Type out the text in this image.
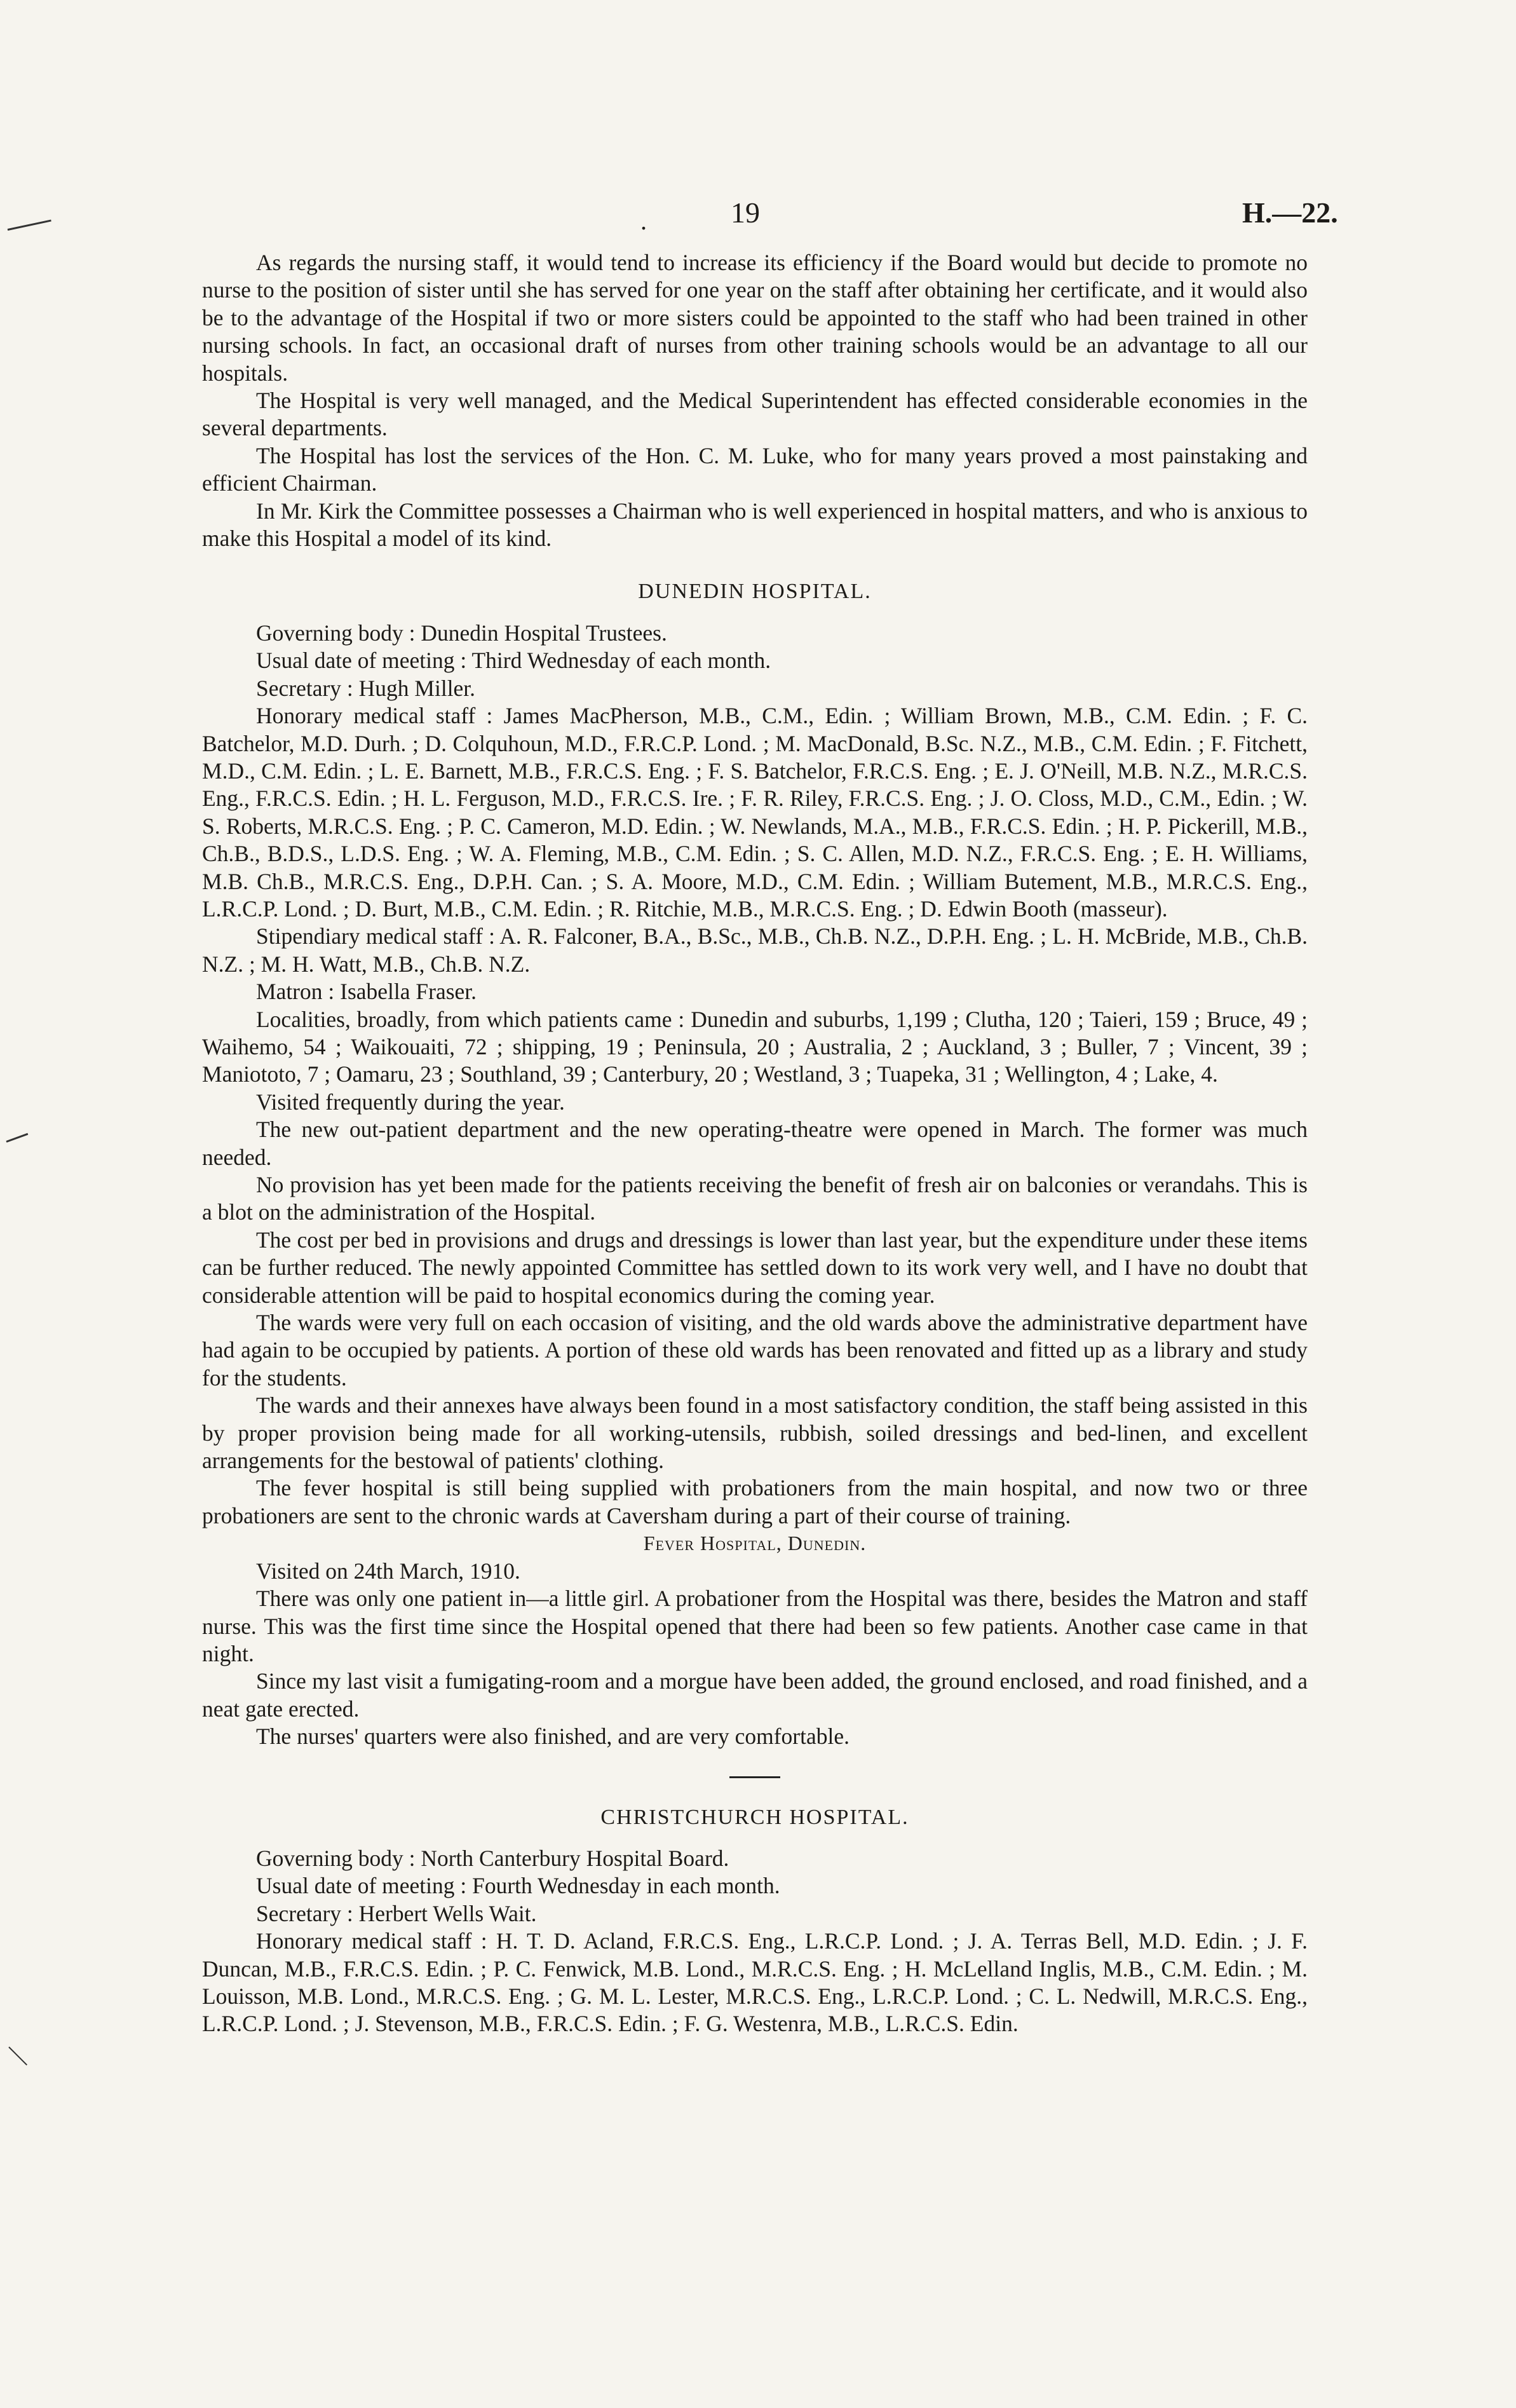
.	19	H.—22.

As regards the nursing staff, it would tend to increase its efficiency if the Board would but decide to promote no nurse to the position of sister until she has served for one year on the staff after obtaining her certificate, and it would also be to the advantage of the Hospital if two or more sisters could be appointed to the staff who had been trained in other nursing schools. In fact, an occasional draft of nurses from other training schools would be an advantage to all our hospitals.

The Hospital is very well managed, and the Medical Superintendent has effected considerable economies in the several departments.

The Hospital has lost the services of the Hon. C. M. Luke, who for many years proved a most painstaking and efficient Chairman.

In Mr. Kirk the Committee possesses a Chairman who is well experienced in hospital matters, and who is anxious to make this Hospital a model of its kind.

DUNEDIN HOSPITAL.

Governing body : Dunedin Hospital Trustees.

Usual date of meeting : Third Wednesday of each month.

Secretary : Hugh Miller.

Honorary medical staff : James MacPherson, M.B., C.M., Edin. ; William Brown, M.B., C.M. Edin. ; F. C. Batchelor, M.D. Durh. ; D. Colquhoun, M.D., F.R.C.P. Lond. ; M. MacDonald, B.Sc. N.Z., M.B., C.M. Edin. ; F. Fitchett, M.D., C.M. Edin. ; L. E. Barnett, M.B., F.R.C.S. Eng. ; F. S. Batchelor, F.R.C.S. Eng. ; E. J. O'Neill, M.B. N.Z., M.R.C.S. Eng., F.R.C.S. Edin. ; H. L. Ferguson, M.D., F.R.C.S. Ire. ; F. R. Riley, F.R.C.S. Eng. ; J. O. Closs, M.D., C.M., Edin. ; W. S. Roberts, M.R.C.S. Eng. ; P. C. Cameron, M.D. Edin. ; W. Newlands, M.A., M.B., F.R.C.S. Edin. ; H. P. Pickerill, M.B., Ch.B., B.D.S., L.D.S. Eng. ; W. A. Fleming, M.B., C.M. Edin. ; S. C. Allen, M.D. N.Z., F.R.C.S. Eng. ; E. H. Williams, M.B. Ch.B., M.R.C.S. Eng., D.P.H. Can. ; S. A. Moore, M.D., C.M. Edin. ; William Butement, M.B., M.R.C.S. Eng., L.R.C.P. Lond. ; D. Burt, M.B., C.M. Edin. ; R. Ritchie, M.B., M.R.C.S. Eng. ; D. Edwin Booth (masseur).

Stipendiary medical staff : A. R. Falconer, B.A., B.Sc., M.B., Ch.B. N.Z., D.P.H. Eng. ; L. H. McBride, M.B., Ch.B. N.Z. ; M. H. Watt, M.B., Ch.B. N.Z.

Matron : Isabella Fraser.

Localities, broadly, from which patients came : Dunedin and suburbs, 1,199 ; Clutha, 120 ; Taieri, 159 ; Bruce, 49 ; Waihemo, 54 ; Waikouaiti, 72 ; shipping, 19 ; Peninsula, 20 ; Australia, 2 ; Auckland, 3 ; Buller, 7 ; Vincent, 39 ; Maniototo, 7 ; Oamaru, 23 ; Southland, 39 ; Canterbury, 20 ; Westland, 3 ; Tuapeka, 31 ; Wellington, 4 ; Lake, 4.

Visited frequently during the year.

The new out-patient department and the new operating-theatre were opened in March. The former was much needed.

No provision has yet been made for the patients receiving the benefit of fresh air on balconies or verandahs. This is a blot on the administration of the Hospital.

The cost per bed in provisions and drugs and dressings is lower than last year, but the expenditure under these items can be further reduced. The newly appointed Committee has settled down to its work very well, and I have no doubt that considerable attention will be paid to hospital economics during the coming year.

The wards were very full on each occasion of visiting, and the old wards above the administrative department have had again to be occupied by patients. A portion of these old wards has been renovated and fitted up as a library and study for the students.

The wards and their annexes have always been found in a most satisfactory condition, the staff being assisted in this by proper provision being made for all working-utensils, rubbish, soiled dressings and bed-linen, and excellent arrangements for the bestowal of patients' clothing.

The fever hospital is still being supplied with probationers from the main hospital, and now two or three probationers are sent to the chronic wards at Caversham during a part of their course of training.

Fever Hospital, Dunedin.

Visited on 24th March, 1910.

There was only one patient in—a little girl. A probationer from the Hospital was there, besides the Matron and staff nurse. This was the first time since the Hospital opened that there had been so few patients. Another case came in that night.

Since my last visit a fumigating-room and a morgue have been added, the ground enclosed, and road finished, and a neat gate erected.

The nurses' quarters were also finished, and are very comfortable.

CHRISTCHURCH HOSPITAL.

Governing body : North Canterbury Hospital Board.

Usual date of meeting : Fourth Wednesday in each month.

Secretary : Herbert Wells Wait.

Honorary medical staff : H. T. D. Acland, F.R.C.S. Eng., L.R.C.P. Lond. ; J. A. Terras Bell, M.D. Edin. ; J. F. Duncan, M.B., F.R.C.S. Edin. ; P. C. Fenwick, M.B. Lond., M.R.C.S. Eng. ; H. McLelland Inglis, M.B., C.M. Edin. ; M. Louisson, M.B. Lond., M.R.C.S. Eng. ; G. M. L. Lester, M.R.C.S. Eng., L.R.C.P. Lond. ; C. L. Nedwill, M.R.C.S. Eng., L.R.C.P. Lond. ; J. Stevenson, M.B., F.R.C.S. Edin. ; F. G. Westenra, M.B., L.R.C.S. Edin.
